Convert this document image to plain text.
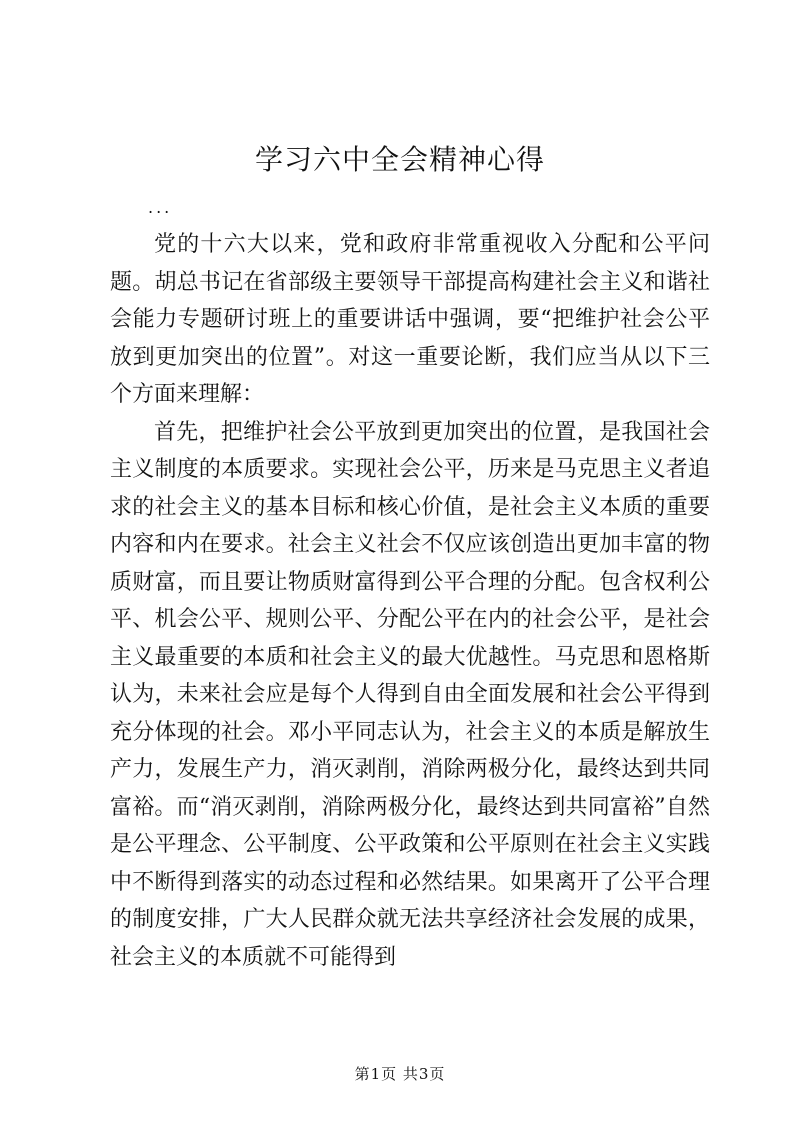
学习六中全会精神心得
...

党的十六大以来，党和政府非常重视收入分配和公平问题。胡总书记在省部级主要领导干部提高构建社会主义和谐社会能力专题研讨班上的重要讲话中强调，要“把维护社会公平放到更加突出的位置”。对这一重要论断，我们应当从以下三个方面来理解：

首先，把维护社会公平放到更加突出的位置，是我国社会主义制度的本质要求。实现社会公平，历来是马克思主义者追求的社会主义的基本目标和核心价值，是社会主义本质的重要内容和内在要求。社会主义社会不仅应该创造出更加丰富的物质财富，而且要让物质财富得到公平合理的分配。包含权利公平、机会公平、规则公平、分配公平在内的社会公平，是社会主义最重要的本质和社会主义的最大优越性。马克思和恩格斯认为，未来社会应是每个人得到自由全面发展和社会公平得到充分体现的社会。邓小平同志认为，社会主义的本质是解放生产力，发展生产力，消灭剥削，消除两极分化，最终达到共同富裕。而“消灭剥削，消除两极分化，最终达到共同富裕”自然是公平理念、公平制度、公平政策和公平原则在社会主义实践中不断得到落实的动态过程和必然结果。如果离开了公平合理的制度安排，广大人民群众就无法共享经济社会发展的成果，社会主义的本质就不可能得到

第1页 共3页
